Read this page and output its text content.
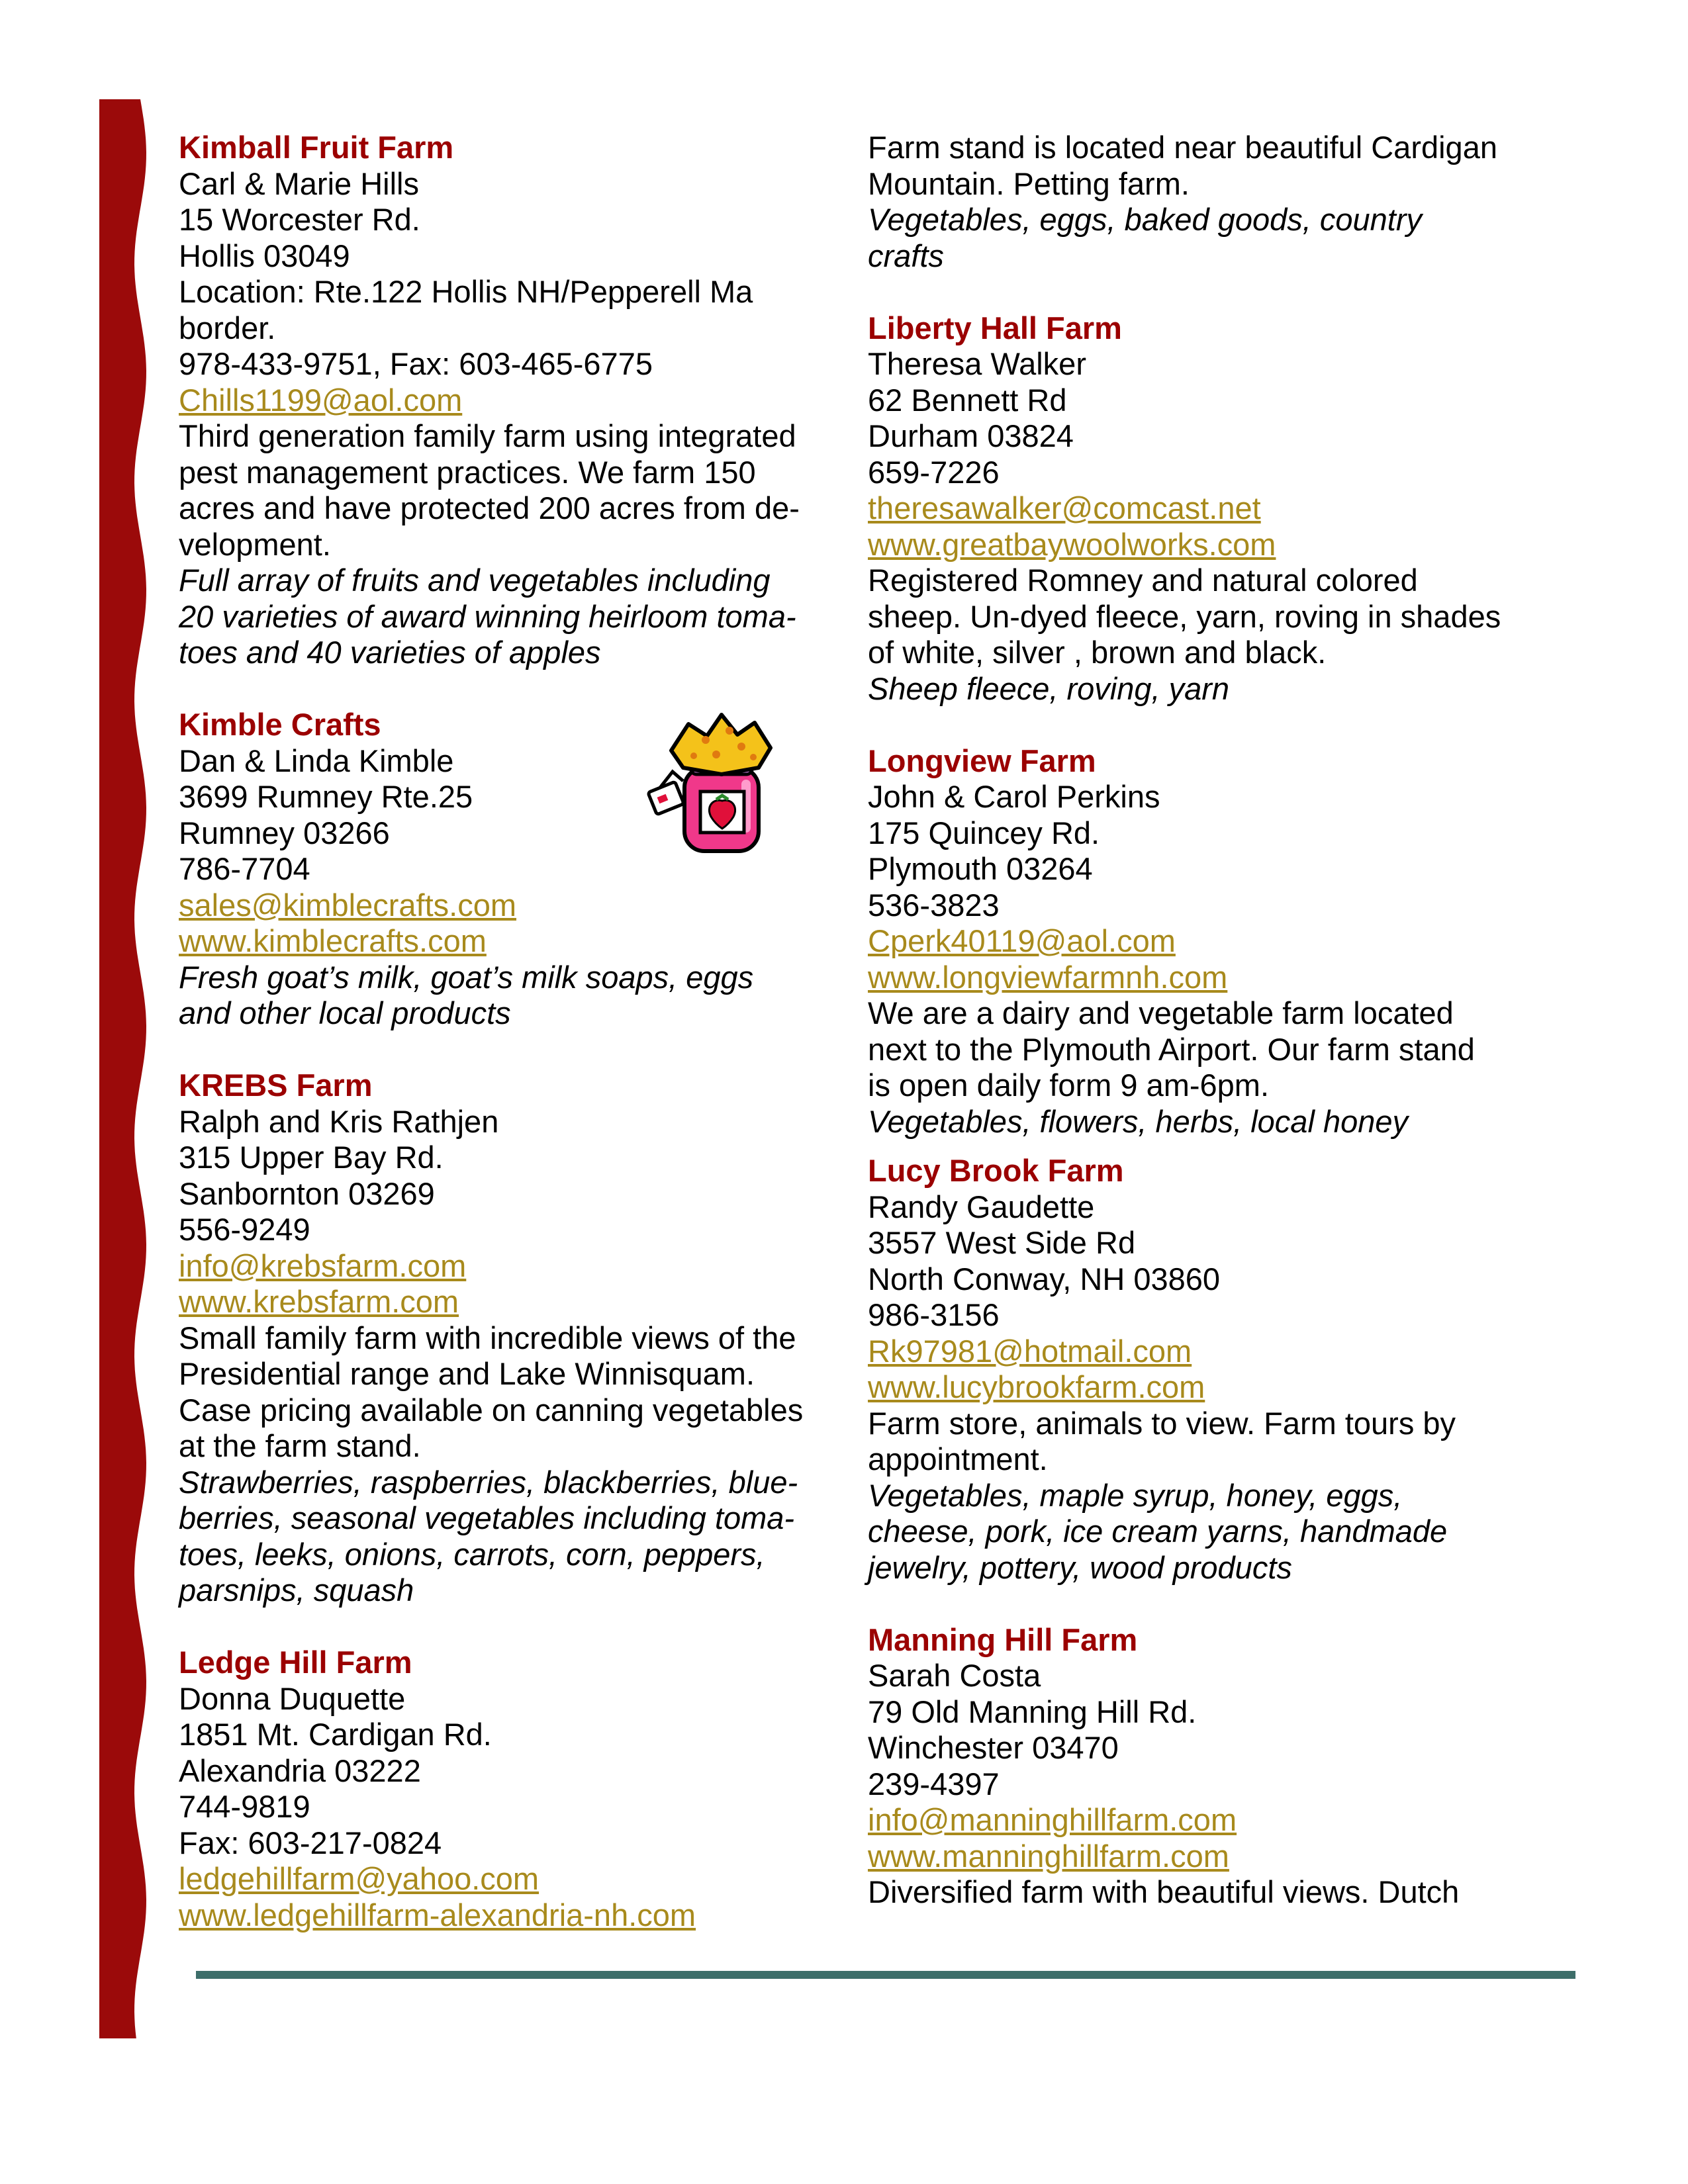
Kimball Fruit Farm
Carl & Marie Hills
15 Worcester Rd.
Hollis 03049
Location: Rte.122 Hollis NH/Pepperell Ma
border.
978-433-9751, Fax: 603-465-6775
Chills1199@aol.com
Third generation family farm using integrated
pest management practices. We farm 150
acres and have protected 200 acres from de-
velopment.
Full array of fruits and vegetables including
20 varieties of award winning heirloom toma-
toes and 40 varieties of apples
Kimble Crafts
Dan & Linda Kimble
3699 Rumney Rte.25
Rumney 03266
786-7704
sales@kimblecrafts.com
www.kimblecrafts.com
Fresh goat’s milk, goat’s milk soaps, eggs
and other local products
KREBS Farm
Ralph and Kris Rathjen
315 Upper Bay Rd.
Sanbornton 03269
556-9249
info@krebsfarm.com
www.krebsfarm.com
Small family farm with incredible views of the
Presidential range and Lake Winnisquam.
Case pricing available on canning vegetables
at the farm stand.
Strawberries, raspberries, blackberries, blue-
berries, seasonal vegetables including toma-
toes, leeks, onions, carrots, corn, peppers,
parsnips, squash
Ledge Hill Farm
Donna Duquette
1851 Mt. Cardigan Rd.
Alexandria 03222
744-9819
Fax: 603-217-0824
ledgehillfarm@yahoo.com
www.ledgehillfarm-alexandria-nh.com
Farm stand is located near beautiful Cardigan
Mountain. Petting farm.
Vegetables, eggs, baked goods, country
crafts
Liberty Hall Farm
Theresa Walker
62 Bennett Rd
Durham 03824
659-7226
theresawalker@comcast.net
www.greatbaywoolworks.com
Registered Romney and natural colored
sheep. Un-dyed fleece, yarn, roving in shades
of white, silver , brown and black.
Sheep fleece, roving, yarn
Longview Farm
John & Carol Perkins
175 Quincey Rd.
Plymouth 03264
536-3823
Cperk40119@aol.com
www.longviewfarmnh.com
We are a dairy and vegetable farm located
next to the Plymouth Airport. Our farm stand
is open daily form 9 am-6pm.
Vegetables, flowers, herbs, local honey
Lucy Brook Farm
Randy Gaudette
3557 West Side Rd
North Conway, NH 03860
986-3156
Rk97981@hotmail.com
www.lucybrookfarm.com
Farm store, animals to view. Farm tours by
appointment.
Vegetables, maple syrup, honey, eggs,
cheese, pork, ice cream yarns, handmade
jewelry, pottery, wood products
Manning Hill Farm
Sarah Costa
79 Old Manning Hill Rd.
Winchester 03470
239-4397
info@manninghillfarm.com
www.manninghillfarm.com
Diversified farm with beautiful views. Dutch
